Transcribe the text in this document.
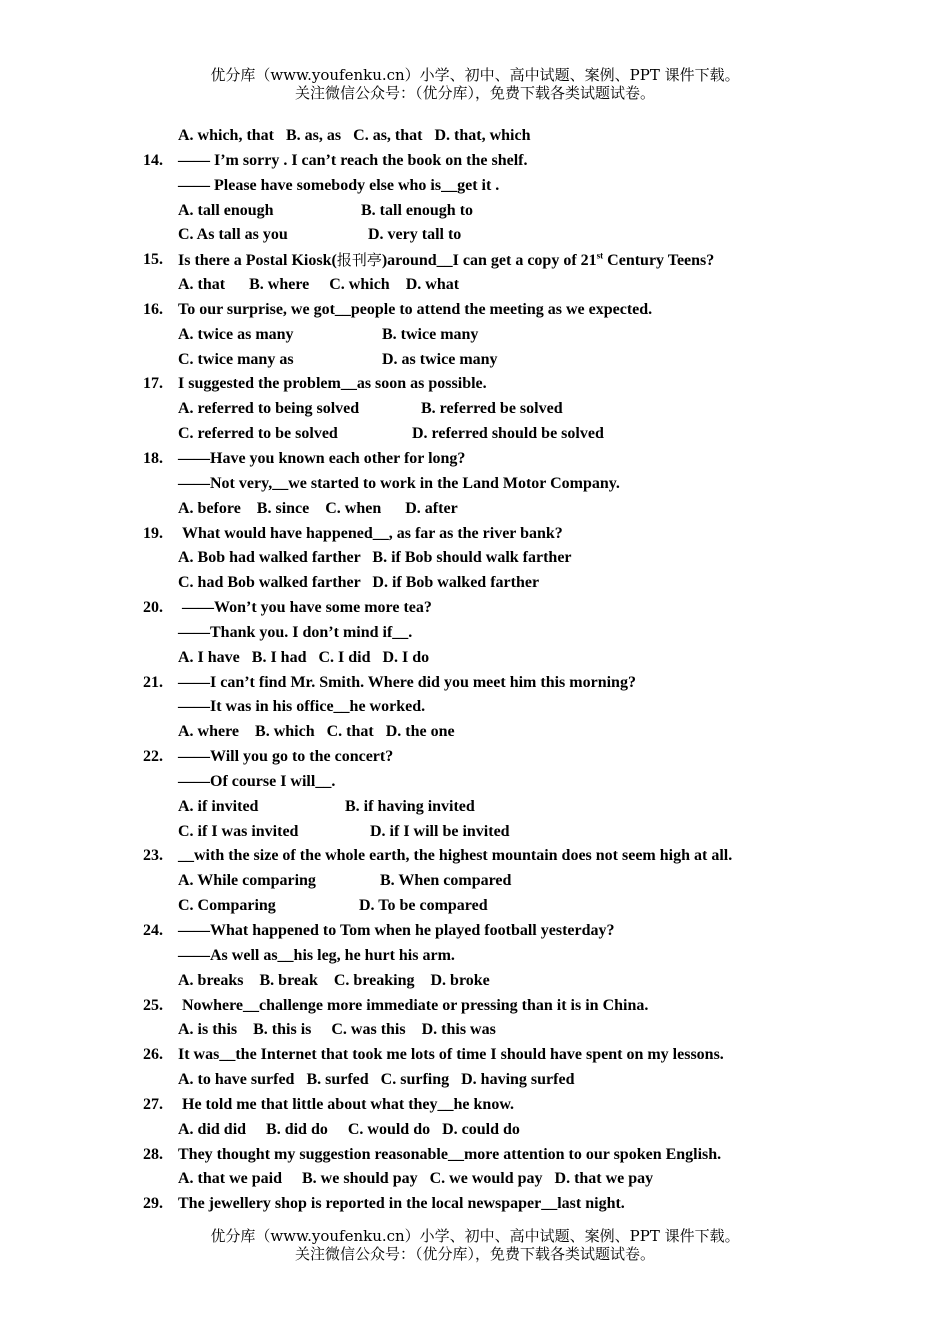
优分库（www.youfenku.cn）小学、初中、高中试题、案例、PPT 课件下载。
关注微信公众号：（优分库），免费下载各类试题试卷。
A. which, that   B. as, as   C. as, that   D. that, which
14. —— I’m sorry . I can’t reach the book on the shelf.
—— Please have somebody else who is__get it .
A. tall enough	B. tall enough to
C. As tall as you	D. very tall to
15. Is there a Postal Kiosk(报刊亭)around__I can get a copy of 21st Century Teens?
A. that      B. where     C. which    D. what
16. To our surprise, we got__people to attend the meeting as we expected.
A. twice as many	B. twice many
C. twice many as	D. as twice many
17. I suggested the problem__as soon as possible.
A. referred to being solved	B. referred be solved
C. referred to be solved	D. referred should be solved
18. ——Have you known each other for long?
——Not very,__we started to work in the Land Motor Company.
A. before    B. since    C. when      D. after
19. What would have happened__, as far as the river bank?
A. Bob had walked farther   B. if Bob should walk farther
C. had Bob walked farther   D. if Bob walked farther
20. ——Won’t you have some more tea?
——Thank you. I don’t mind if__.
A. I have   B. I had   C. I did   D. I do
21. ——I can’t find Mr. Smith. Where did you meet him this morning?
——It was in his office__he worked.
A. where    B. which   C. that   D. the one
22. ——Will you go to the concert?
——Of course I will__.
A. if invited	B. if having invited
C. if I was invited	D. if I will be invited
23. __with the size of the whole earth, the highest mountain does not seem high at all.
A. While comparing	B. When compared
C. Comparing	D. To be compared
24. ——What happened to Tom when he played football yesterday?
——As well as__his leg, he hurt his arm.
A. breaks    B. break    C. breaking    D. broke
25. Nowhere__challenge more immediate or pressing than it is in China.
A. is this    B. this is     C. was this    D. this was
26. It was__the Internet that took me lots of time I should have spent on my lessons.
A. to have surfed   B. surfed   C. surfing   D. having surfed
27. He told me that little about what they__he know.
A. did did     B. did do     C. would do   D. could do
28. They thought my suggestion reasonable__more attention to our spoken English.
A. that we paid     B. we should pay   C. we would pay   D. that we pay
29. The jewellery shop is reported in the local newspaper__last night.
优分库（www.youfenku.cn）小学、初中、高中试题、案例、PPT 课件下载。
关注微信公众号：（优分库），免费下载各类试题试卷。
